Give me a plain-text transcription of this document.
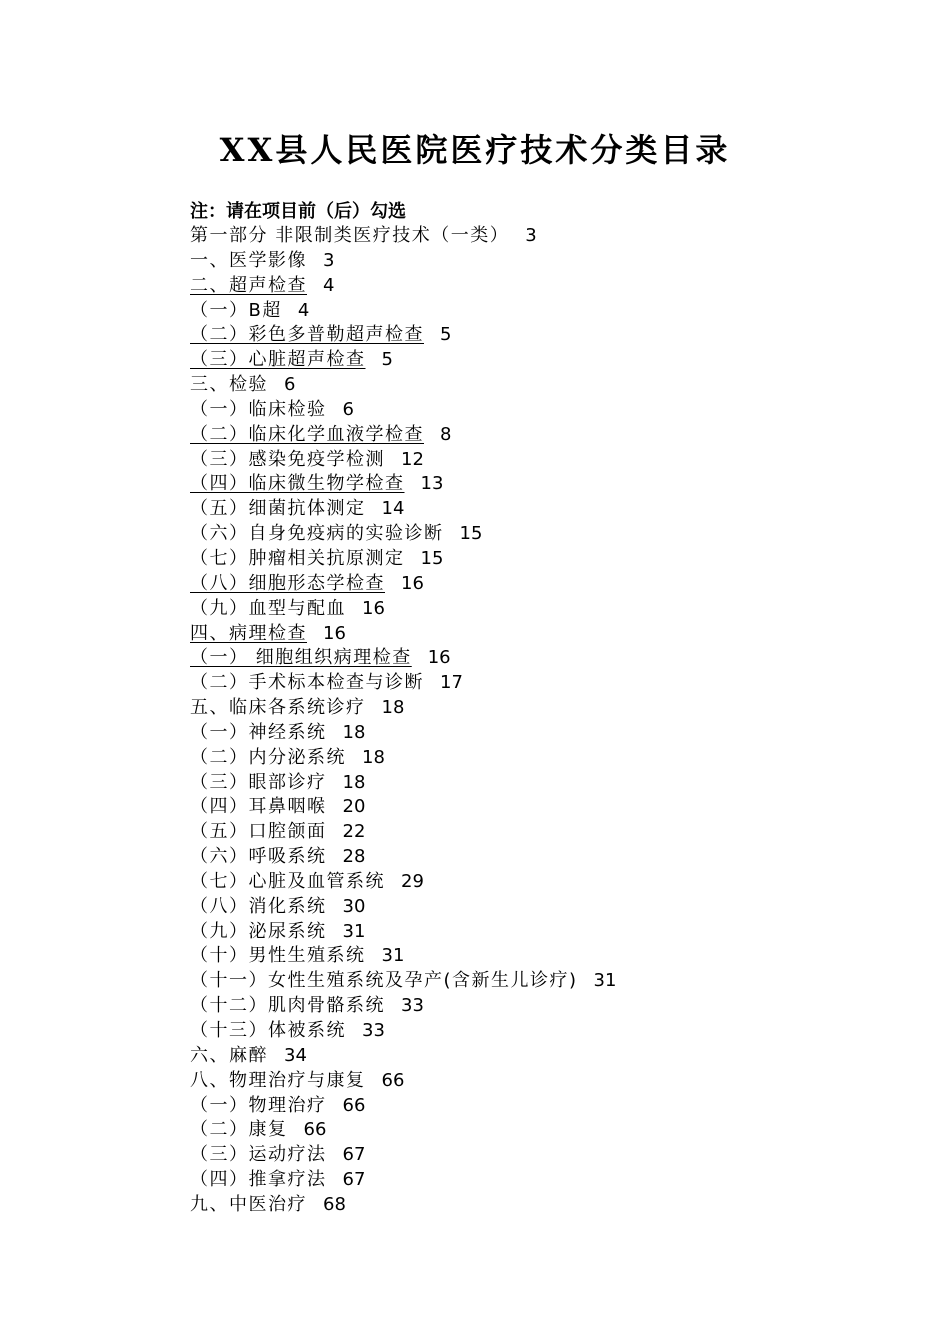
XX县人民医院医疗技术分类目录
注：请在项目前（后）勾选
第一部分 非限制类医疗技术（一类） 3
一、医学影像 3
二、超声检查 4
（一）B超 4
（二）彩色多普勒超声检查 5
（三）心脏超声检查 5
三、检验 6
（一）临床检验 6
（二）临床化学血液学检查 8
（三）感染免疫学检测 12
（四）临床微生物学检查 13
（五）细菌抗体测定 14
（六）自身免疫病的实验诊断 15
（七）肿瘤相关抗原测定 15
（八）细胞形态学检查 16
（九）血型与配血 16
四、病理检查 16
（一） 细胞组织病理检查 16
（二）手术标本检查与诊断 17
五、临床各系统诊疗 18
（一）神经系统 18
（二）内分泌系统 18
（三）眼部诊疗 18
（四）耳鼻咽喉 20
（五）口腔颌面 22
（六）呼吸系统 28
（七）心脏及血管系统 29
（八）消化系统 30
（九）泌尿系统 31
（十）男性生殖系统 31
（十一）女性生殖系统及孕产(含新生儿诊疗) 31
（十二）肌肉骨骼系统 33
（十三）体被系统 33
六、麻醉 34
八、物理治疗与康复 66
（一）物理治疗 66
（二）康复 66
（三）运动疗法 67
（四）推拿疗法 67
九、中医治疗 68
